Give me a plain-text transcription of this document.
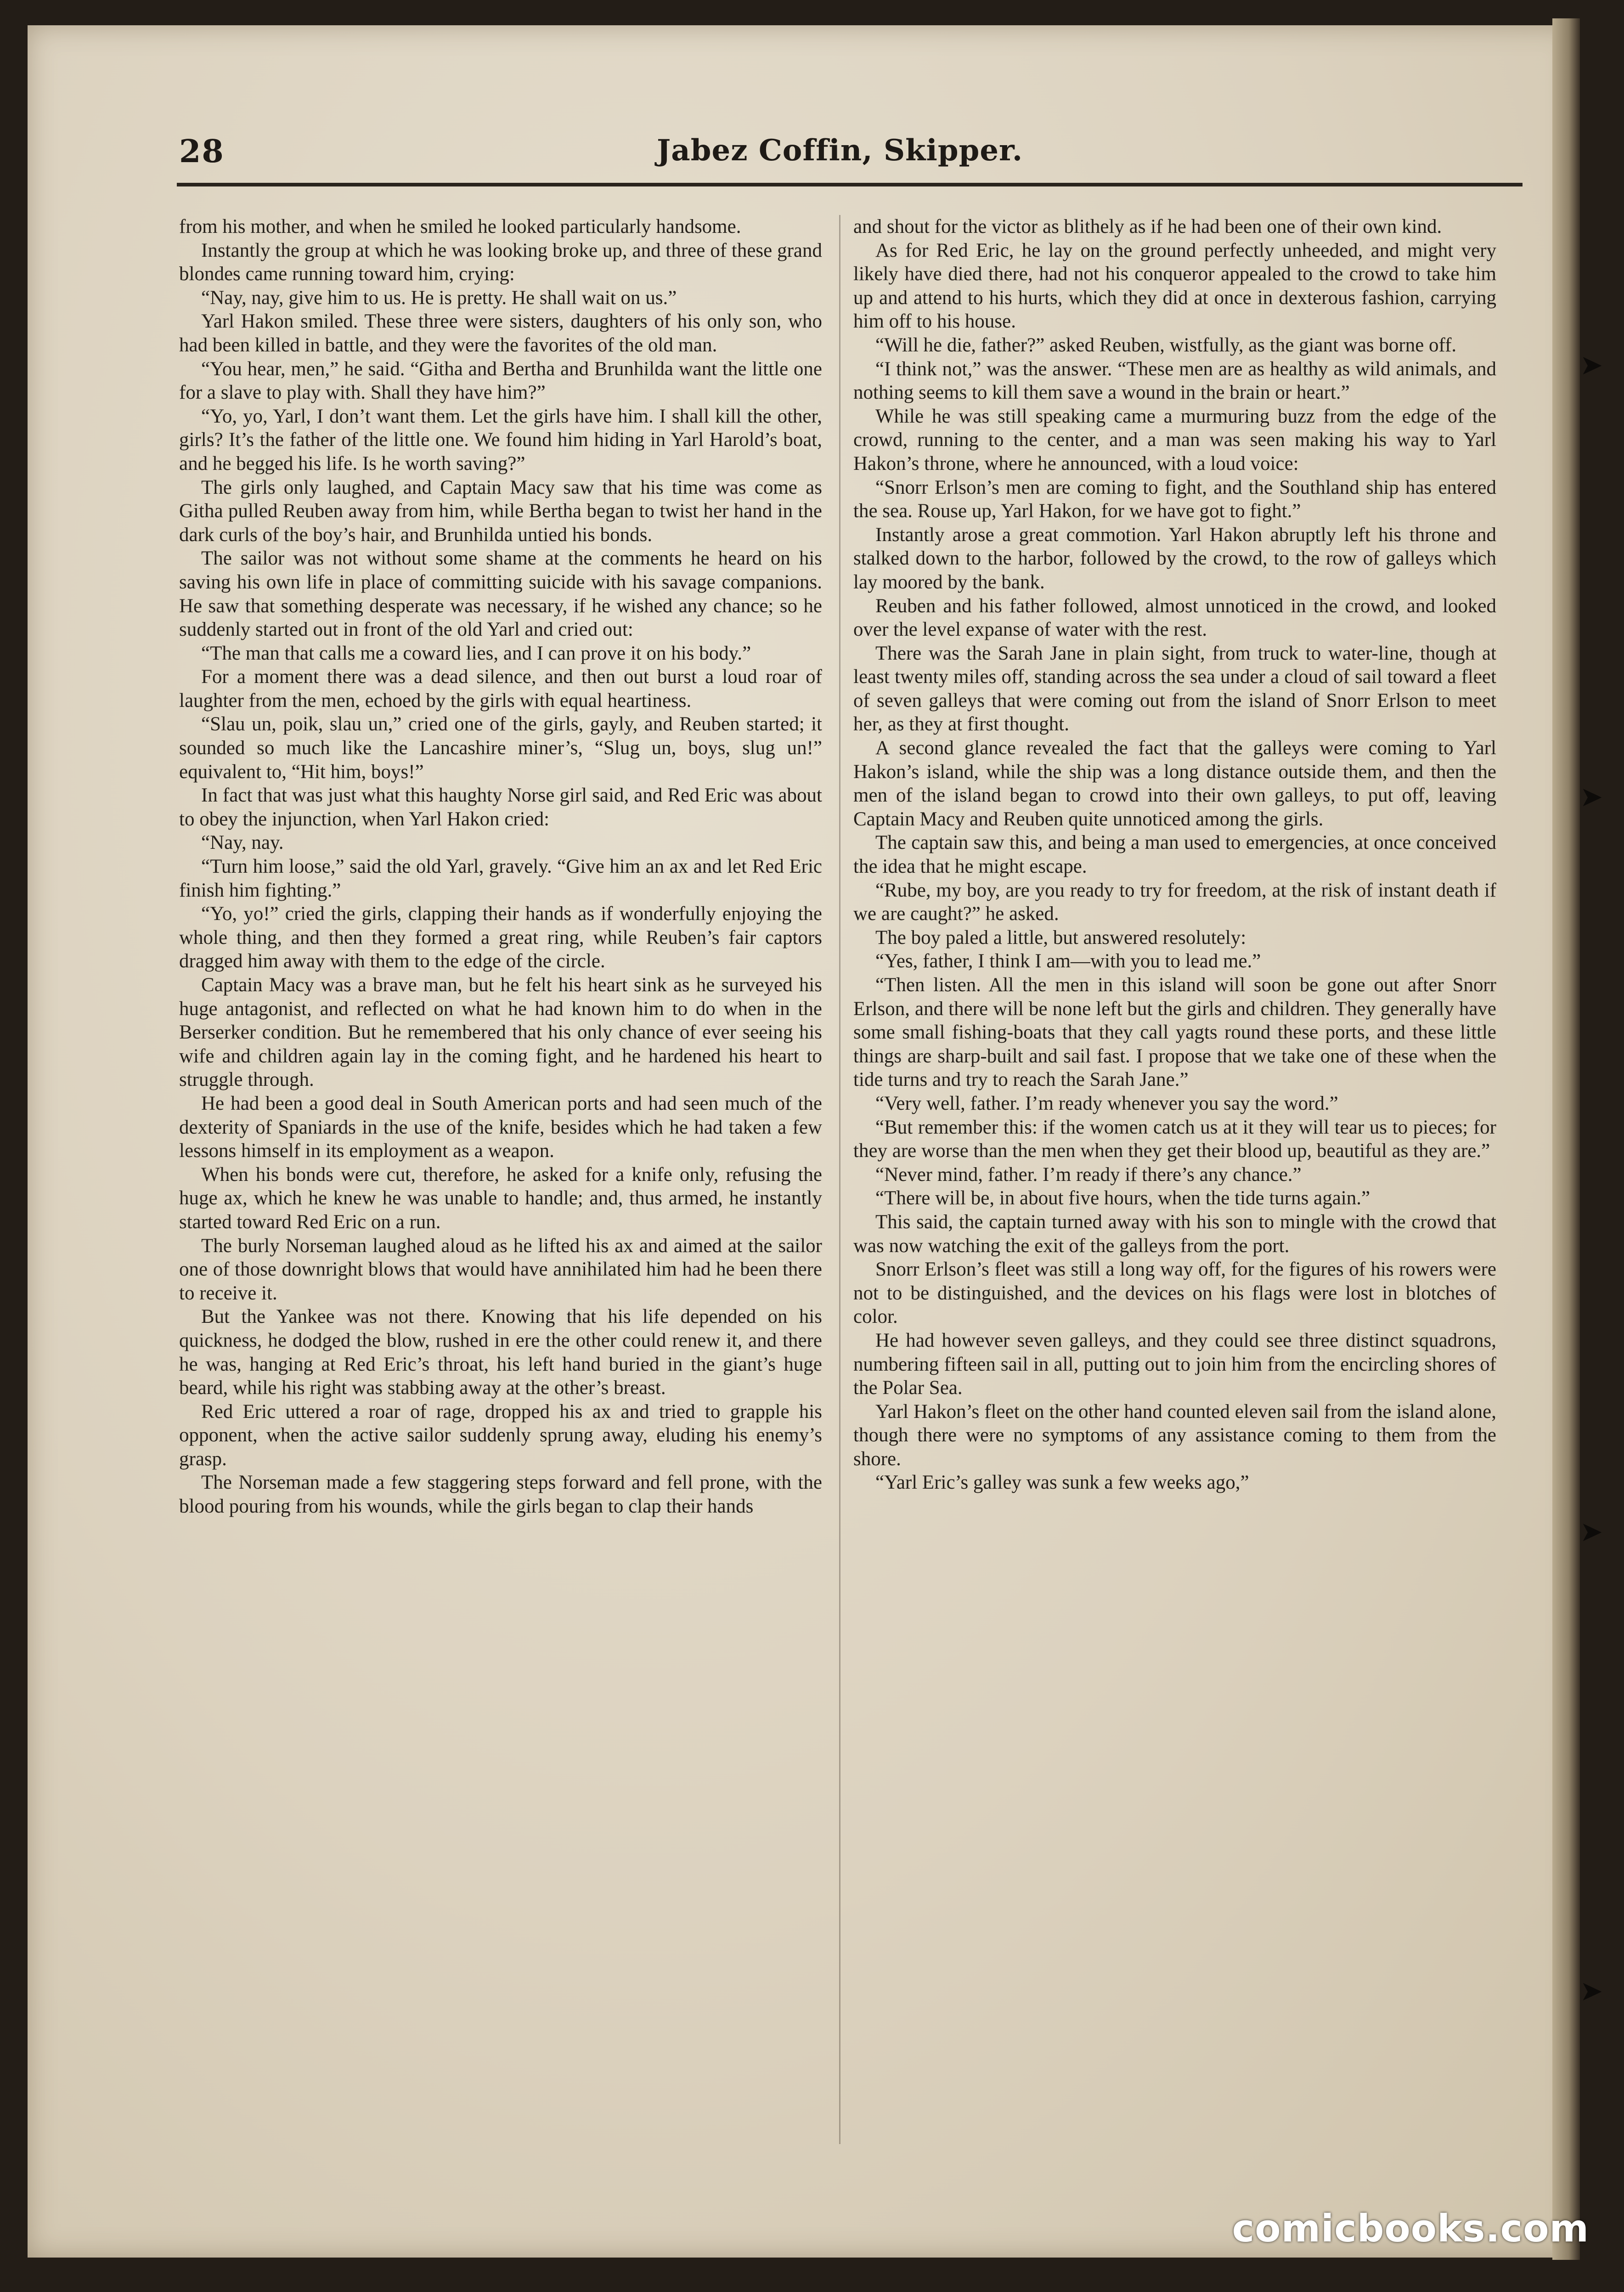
➤
➤
➤
➤
28	Jabez Coffin, Skipper.

from his mother, and when he smiled he looked particularly handsome.

Instantly the group at which he was looking broke up, and three of these grand blondes came running toward him, crying:

“Nay, nay, give him to us. He is pretty. He shall wait on us.”

Yarl Hakon smiled. These three were sisters, daughters of his only son, who had been killed in battle, and they were the favorites of the old man.

“You hear, men,” he said. “Githa and Bertha and Brunhilda want the little one for a slave to play with. Shall they have him?”

“Yo, yo, Yarl, I don’t want them. Let the girls have him. I shall kill the other, girls? It’s the father of the little one. We found him hiding in Yarl Harold’s boat, and he begged his life. Is he worth saving?”

The girls only laughed, and Captain Macy saw that his time was come as Githa pulled Reuben away from him, while Bertha began to twist her hand in the dark curls of the boy’s hair, and Brunhilda untied his bonds.

The sailor was not without some shame at the comments he heard on his saving his own life in place of committing suicide with his savage companions. He saw that something desperate was necessary, if he wished any chance; so he suddenly started out in front of the old Yarl and cried out:

“The man that calls me a coward lies, and I can prove it on his body.”

For a moment there was a dead silence, and then out burst a loud roar of laughter from the men, echoed by the girls with equal heartiness.

“Slau un, poik, slau un,” cried one of the girls, gayly, and Reuben started; it sounded so much like the Lancashire miner’s, “Slug un, boys, slug un!” equivalent to, “Hit him, boys!”

In fact that was just what this haughty Norse girl said, and Red Eric was about to obey the injunction, when Yarl Hakon cried:

“Nay, nay.

“Turn him loose,” said the old Yarl, gravely. “Give him an ax and let Red Eric finish him fighting.”

“Yo, yo!” cried the girls, clapping their hands as if wonderfully enjoying the whole thing, and then they formed a great ring, while Reuben’s fair captors dragged him away with them to the edge of the circle.

Captain Macy was a brave man, but he felt his heart sink as he surveyed his huge antagonist, and reflected on what he had known him to do when in the Berserker condition. But he remembered that his only chance of ever seeing his wife and children again lay in the coming fight, and he hardened his heart to struggle through.

He had been a good deal in South American ports and had seen much of the dexterity of Spaniards in the use of the knife, besides which he had taken a few lessons himself in its employment as a weapon.

When his bonds were cut, therefore, he asked for a knife only, refusing the huge ax, which he knew he was unable to handle; and, thus armed, he instantly started toward Red Eric on a run.

The burly Norseman laughed aloud as he lifted his ax and aimed at the sailor one of those downright blows that would have annihilated him had he been there to receive it.

But the Yankee was not there. Knowing that his life depended on his quickness, he dodged the blow, rushed in ere the other could renew it, and there he was, hanging at Red Eric’s throat, his left hand buried in the giant’s huge beard, while his right was stabbing away at the other’s breast.

Red Eric uttered a roar of rage, dropped his ax and tried to grapple his opponent, when the active sailor suddenly sprung away, eluding his enemy’s grasp.

The Norseman made a few staggering steps forward and fell prone, with the blood pouring from his wounds, while the girls began to clap their hands

and shout for the victor as blithely as if he had been one of their own kind.

As for Red Eric, he lay on the ground perfectly unheeded, and might very likely have died there, had not his conqueror appealed to the crowd to take him up and attend to his hurts, which they did at once in dexterous fashion, carrying him off to his house.

“Will he die, father?” asked Reuben, wistfully, as the giant was borne off.

“I think not,” was the answer. “These men are as healthy as wild animals, and nothing seems to kill them save a wound in the brain or heart.”

While he was still speaking came a murmuring buzz from the edge of the crowd, running to the center, and a man was seen making his way to Yarl Hakon’s throne, where he announced, with a loud voice:

“Snorr Erlson’s men are coming to fight, and the Southland ship has entered the sea. Rouse up, Yarl Hakon, for we have got to fight.”

Instantly arose a great commotion. Yarl Hakon abruptly left his throne and stalked down to the harbor, followed by the crowd, to the row of galleys which lay moored by the bank.

Reuben and his father followed, almost unnoticed in the crowd, and looked over the level expanse of water with the rest.

There was the Sarah Jane in plain sight, from truck to water-line, though at least twenty miles off, standing across the sea under a cloud of sail toward a fleet of seven galleys that were coming out from the island of Snorr Erlson to meet her, as they at first thought.

A second glance revealed the fact that the galleys were coming to Yarl Hakon’s island, while the ship was a long distance outside them, and then the men of the island began to crowd into their own galleys, to put off, leaving Captain Macy and Reuben quite unnoticed among the girls.

The captain saw this, and being a man used to emergencies, at once conceived the idea that he might escape.

“Rube, my boy, are you ready to try for freedom, at the risk of instant death if we are caught?” he asked.

The boy paled a little, but answered resolutely:

“Yes, father, I think I am—with you to lead me.”

“Then listen. All the men in this island will soon be gone out after Snorr Erlson, and there will be none left but the girls and children. They generally have some small fishing-boats that they call yagts round these ports, and these little things are sharp-built and sail fast. I propose that we take one of these when the tide turns and try to reach the Sarah Jane.”

“Very well, father. I’m ready whenever you say the word.”

“But remember this: if the women catch us at it they will tear us to pieces; for they are worse than the men when they get their blood up, beautiful as they are.”

“Never mind, father. I’m ready if there’s any chance.”

“There will be, in about five hours, when the tide turns again.”

This said, the captain turned away with his son to mingle with the crowd that was now watching the exit of the galleys from the port.

Snorr Erlson’s fleet was still a long way off, for the figures of his rowers were not to be distinguished, and the devices on his flags were lost in blotches of color.

He had however seven galleys, and they could see three distinct squadrons, numbering fifteen sail in all, putting out to join him from the encircling shores of the Polar Sea.

Yarl Hakon’s fleet on the other hand counted eleven sail from the island alone, though there were no symptoms of any assistance coming to them from the shore.

“Yarl Eric’s galley was sunk a few weeks ago,”

comicbooks.com
